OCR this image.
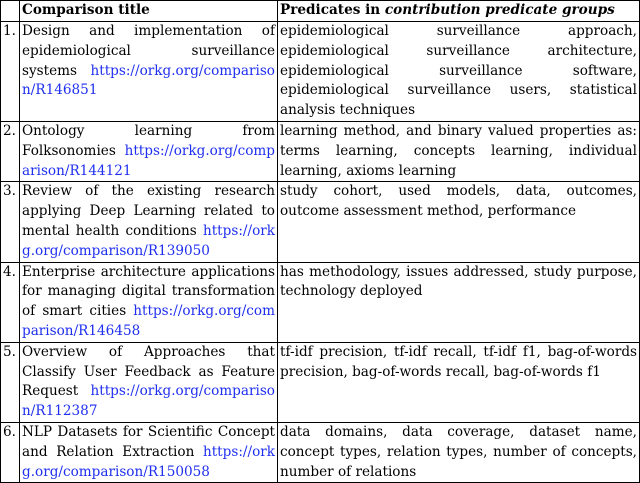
	Comparison title	Predicates in contribution predicate groups
1.	Design and implementation of epidemiological surveillance systems https://orkg.org/comparison/R146851	epidemiological surveillance approach, epidemiological surveillance architecture, epidemiological surveillance software, epidemiological surveillance users, statistical analysis techniques
2.	Ontology learning from Folksonomies https://orkg.org/comparison/R144121	learning method, and binary valued properties as: terms learning, concepts learning, individual learning, axioms learning
3.	Review of the existing research applying Deep Learning related to mental health conditions https://orkg.org/comparison/R139050	study cohort, used models, data, outcomes, outcome assessment method, performance
4.	Enterprise architecture applications for managing digital transformation of smart cities https://orkg.org/comparison/R146458	has methodology, issues addressed, study purpose, technology deployed
5.	Overview of Approaches that Classify User Feedback as Feature Request https://orkg.org/comparison/R112387	tf-idf precision, tf-idf recall, tf-idf f1, bag-of-words precision, bag-of-words recall, bag-of-words f1
6.	NLP Datasets for Scientific Concept and Relation Extraction https://orkg.org/comparison/R150058	data domains, data coverage, dataset name, concept types, relation types, number of concepts, number of relations
